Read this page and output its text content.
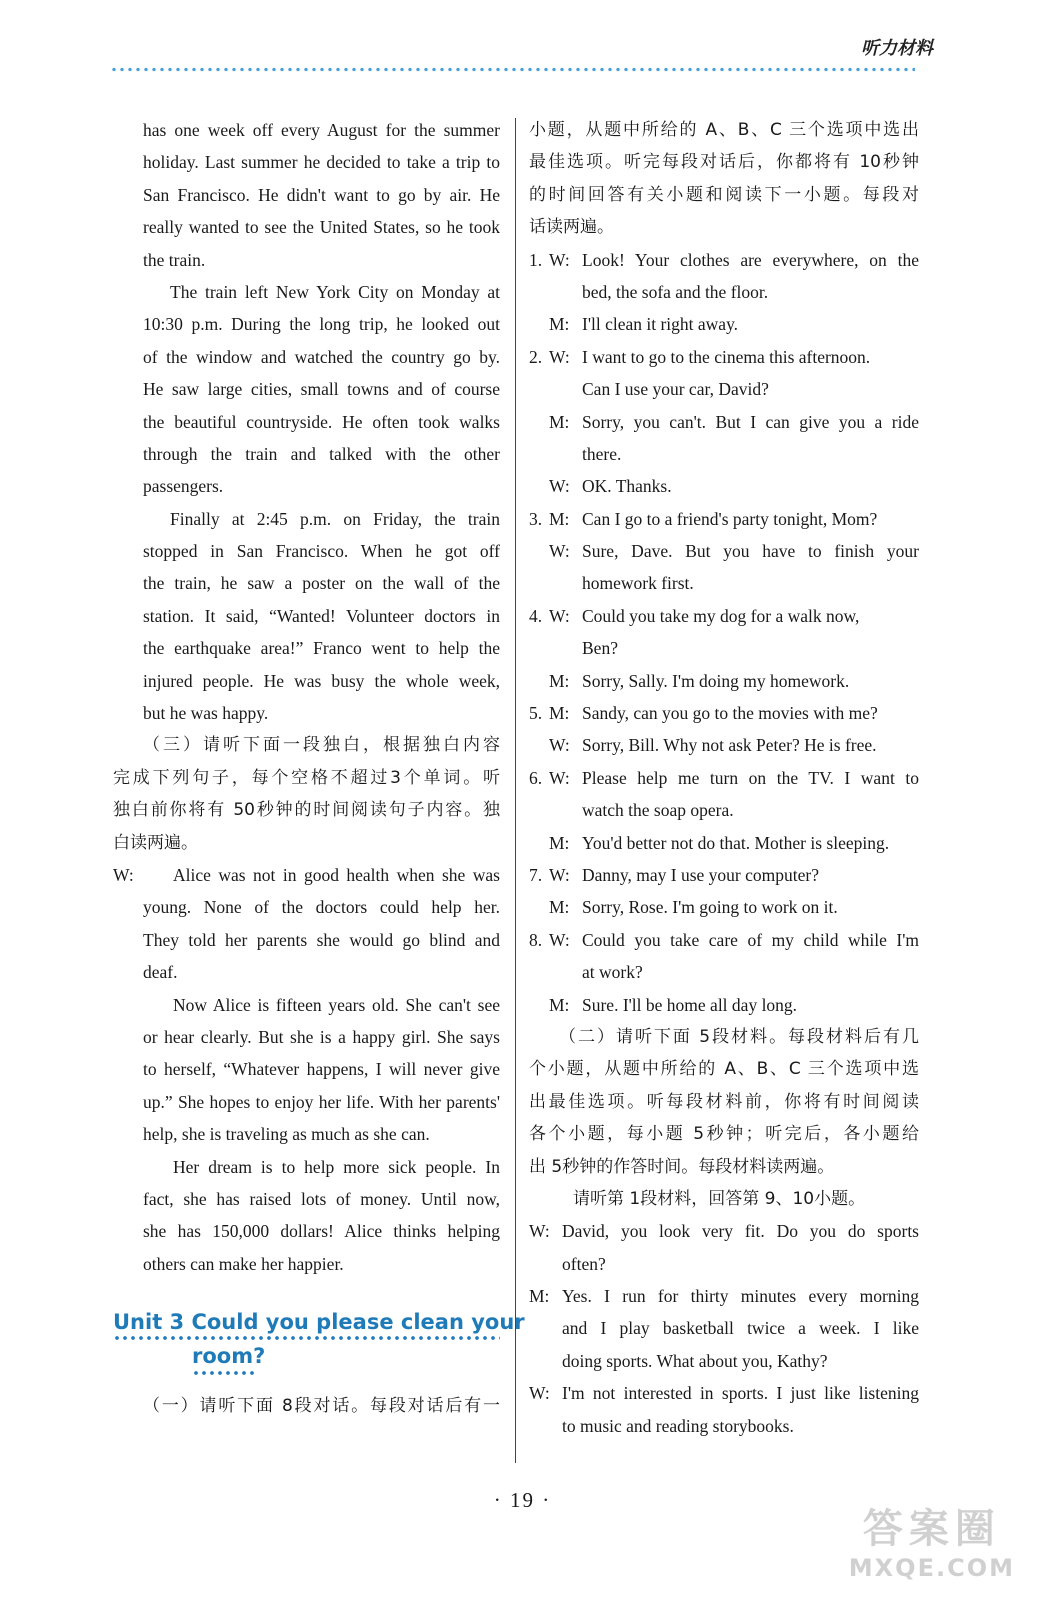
听力材料
has one week off every August for the summer
holiday. Last summer he decided to take a trip to
San Francisco. He didn't want to go by air. He
really wanted to see the United States, so he took
the train.
The train left New York City on Monday at
10:30 p.m. During the long trip, he looked out
of the window and watched the country go by.
He saw large cities, small towns and of course
the beautiful countryside. He often took walks
through the train and talked with the other
passengers.
Finally at 2:45 p.m. on Friday, the train
stopped in San Francisco. When he got off
the train, he saw a poster on the wall of the
station. It said, “Wanted! Volunteer doctors in
the earthquake area!” Franco went to help the
injured people. He was busy the whole week,
but he was happy.
（三）请听下面一段独白，根据独白内容
完成下列句子，每个空格不超过3个单词。听
独白前你将有 50秒钟的时间阅读句子内容。独
白读两遍。
W:	Alice was not in good health when she was
young. None of the doctors could help her.
They told her parents she would go blind and
deaf.
Now Alice is fifteen years old. She can't see
or hear clearly. But she is a happy girl. She says
to herself, “Whatever happens, I will never give
up.” She hopes to enjoy her life. With her parents'
help, she is traveling as much as she can.
Her dream is to help more sick people. In
fact, she has raised lots of money. Until now,
she has 150,000 dollars! Alice thinks helping
others can make her happier.
Unit 3 Could you please clean your
room?
（一）请听下面 8段对话。每段对话后有一
小题，从题中所给的 A、B、C 三个选项中选出
最佳选项。听完每段对话后，你都将有 10秒钟
的时间回答有关小题和阅读下一小题。每段对
话读两遍。
1. W: Look! Your clothes are everywhere, on the
bed, the sofa and the floor.
M: I'll clean it right away.
2. W: I want to go to the cinema this afternoon.
Can I use your car, David?
M: Sorry, you can't. But I can give you a ride
there.
W: OK. Thanks.
3. M: Can I go to a friend's party tonight, Mom?
W: Sure, Dave. But you have to finish your
homework first.
4. W: Could you take my dog for a walk now,
Ben?
M: Sorry, Sally. I'm doing my homework.
5. M: Sandy, can you go to the movies with me?
W: Sorry, Bill. Why not ask Peter? He is free.
6. W: Please help me turn on the TV. I want to
watch the soap opera.
M: You'd better not do that. Mother is sleeping.
7. W: Danny, may I use your computer?
M: Sorry, Rose. I'm going to work on it.
8. W: Could you take care of my child while I'm
at work?
M: Sure. I'll be home all day long.
（二）请听下面 5段材料。每段材料后有几
个小题，从题中所给的 A、B、C 三个选项中选
出最佳选项。听每段材料前，你将有时间阅读
各个小题，每小题 5秒钟；听完后，各小题给
出 5秒钟的作答时间。每段材料读两遍。
请听第 1段材料，回答第 9、10小题。
W: David, you look very fit. Do you do sports
often?
M: Yes. I run for thirty minutes every morning
and I play basketball twice a week. I like
doing sports. What about you, Kathy?
W: I'm not interested in sports. I just like listening
to music and reading storybooks.
· 19 ·
答案圈
MXQE.COM
